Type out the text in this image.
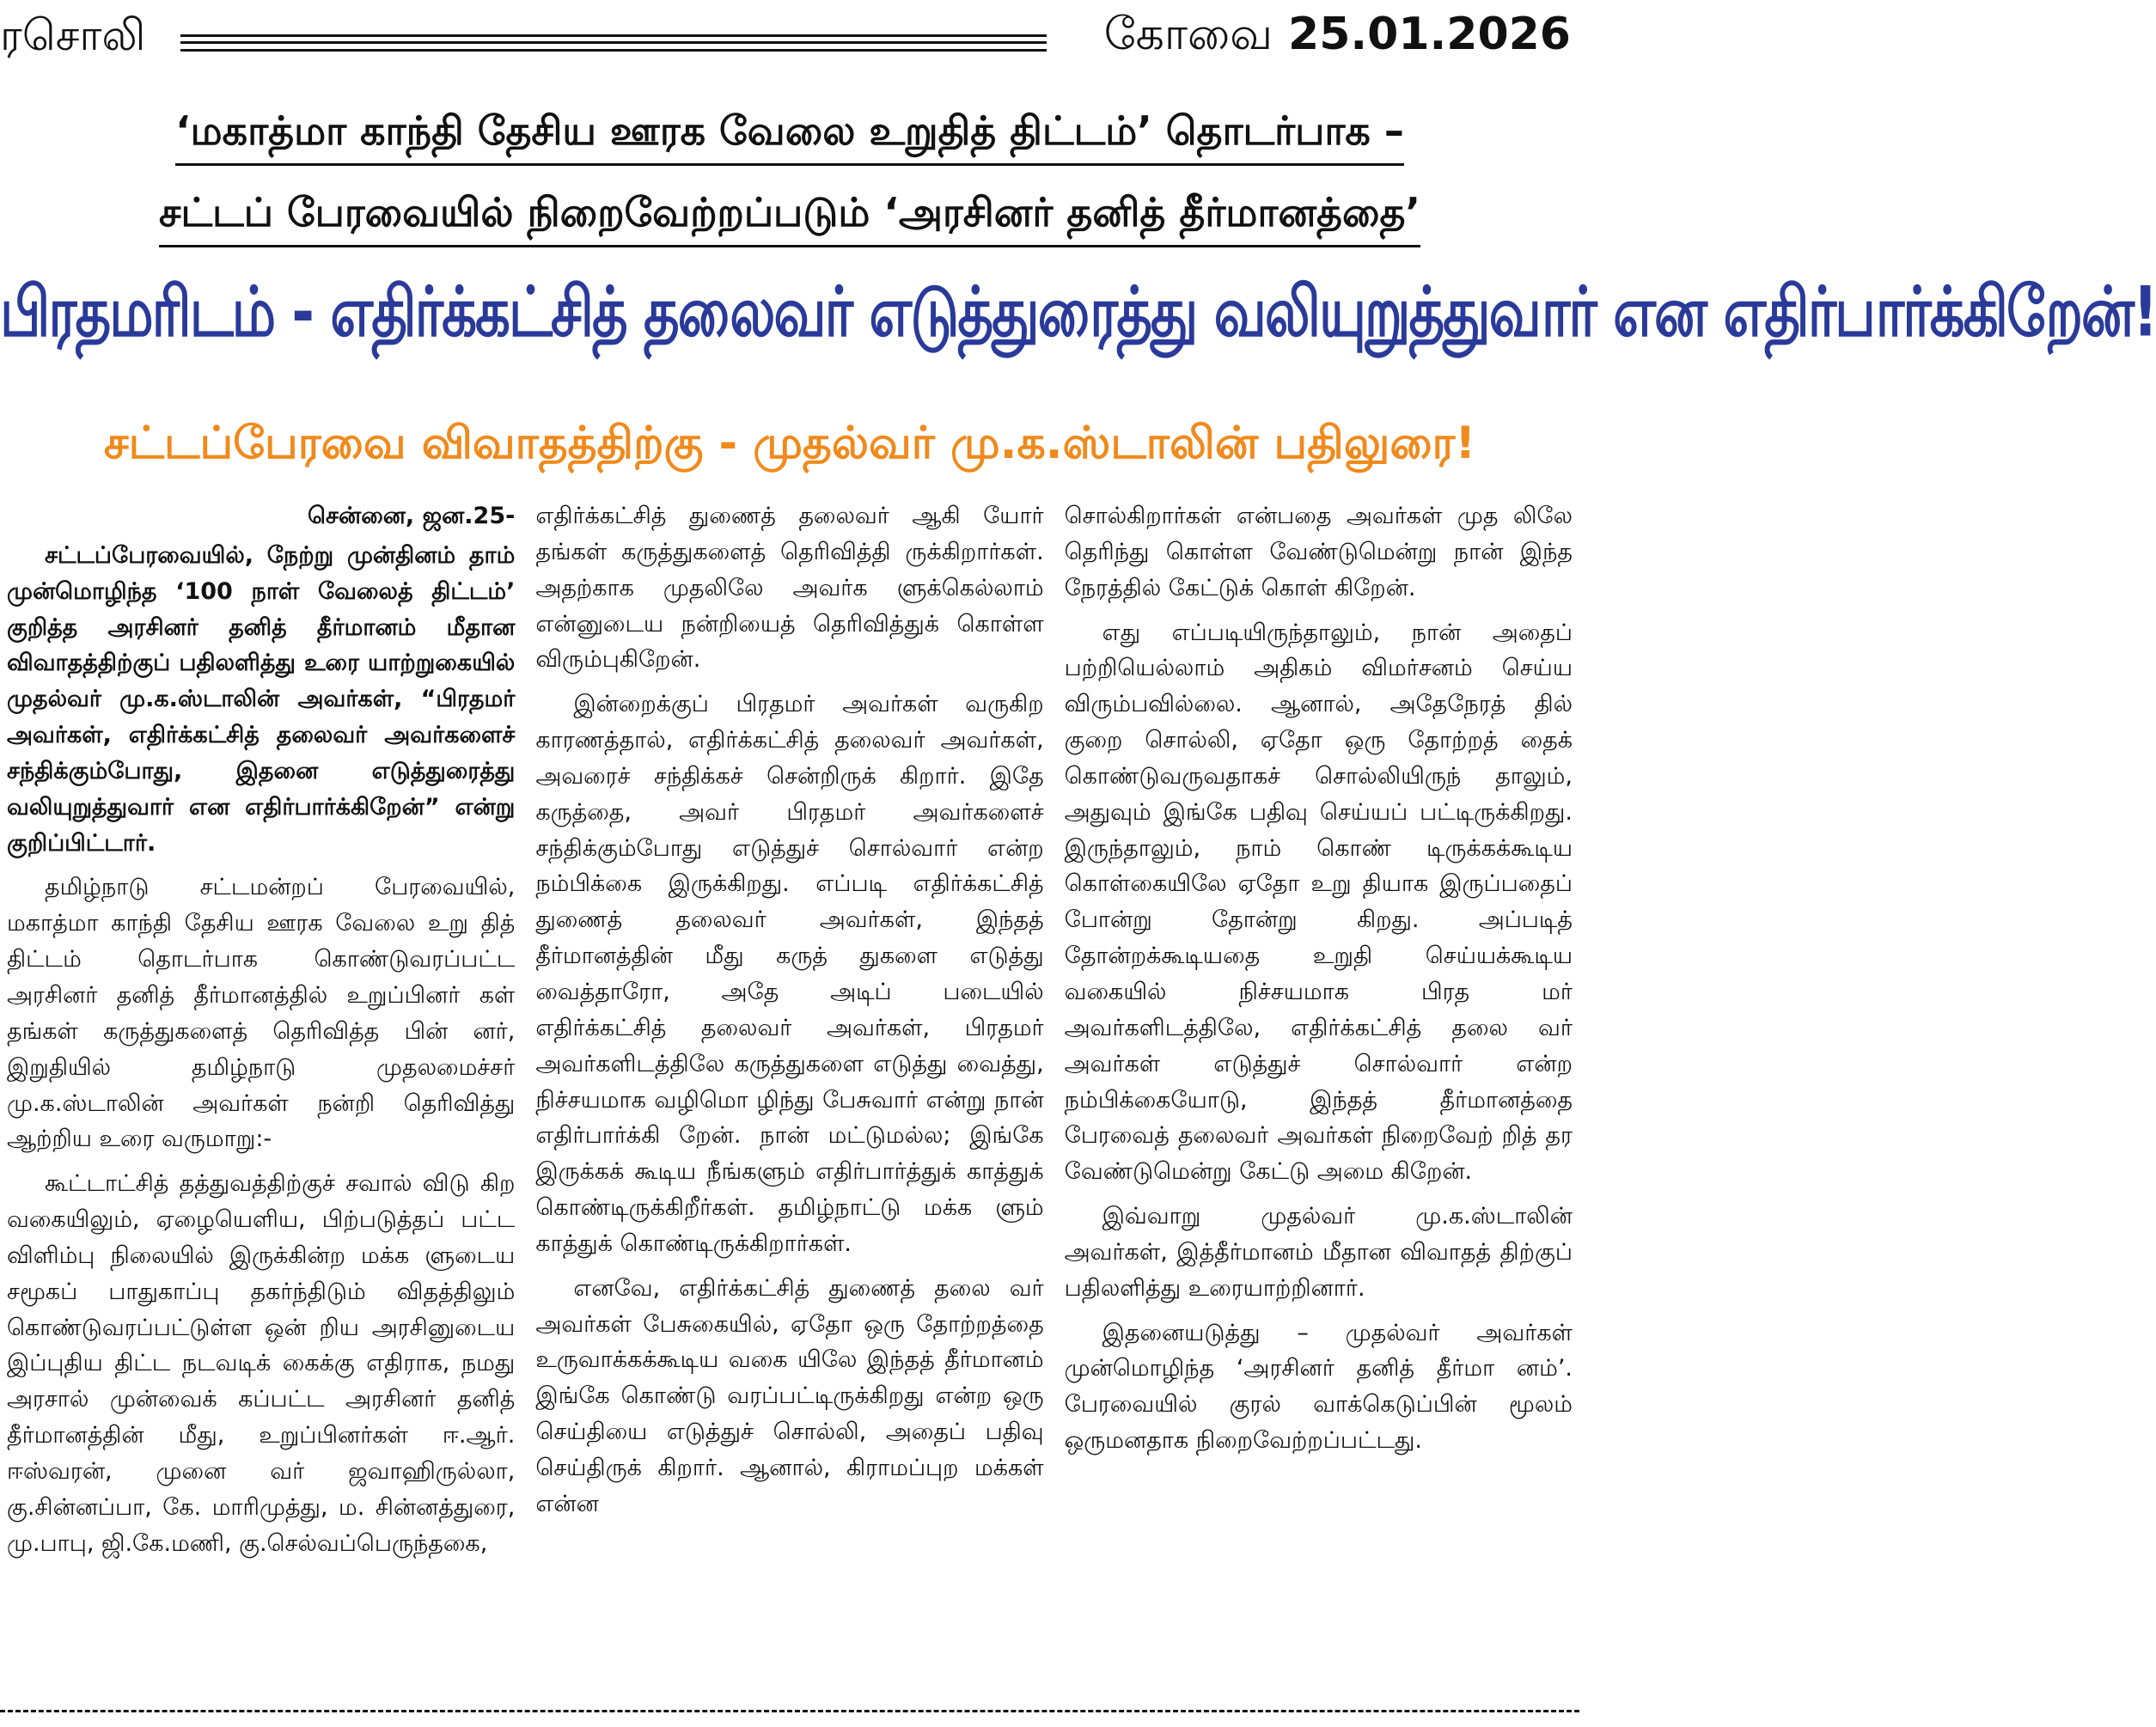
ரசொலி	கோவை 25.01.2026
‘மகாத்மா காந்தி தேசிய ஊரக வேலை உறுதித் திட்டம்’ தொடர்பாக –
சட்டப் பேரவையில் நிறைவேற்றப்படும் ‘அரசினர் தனித் தீர்மானத்தை’
பிரதமரிடம் - எதிர்க்கட்சித் தலைவர் எடுத்துரைத்து வலியுறுத்துவார் என எதிர்பார்க்கிறேன்!
சட்டப்பேரவை விவாதத்திற்கு - முதல்வர் மு.க.ஸ்டாலின் பதிலுரை!
சென்னை, ஜன.25-

சட்டப்பேரவையில், நேற்று முன்தினம் தாம் முன்மொழிந்த ‘100 நாள் வேலைத் திட்டம்’ குறித்த அரசினர் தனித் தீர்மானம் மீதான விவாதத்திற்குப் பதிலளித்து உரை யாற்றுகையில் முதல்வர் மு.க.ஸ்டாலின் அவர்கள், “பிரதமர் அவர்கள், எதிர்க்கட்சித் தலைவர் அவர்களைச் சந்திக்கும்போது, இதனை எடுத்துரைத்து வலியுறுத்துவார் என எதிர்பார்க்கிறேன்” என்று குறிப்பிட்டார்.

தமிழ்நாடு சட்டமன்றப் பேரவையில், மகாத்மா காந்தி தேசிய ஊரக வேலை உறு தித் திட்டம் தொடர்பாக கொண்டுவரப்பட்ட அரசினர் தனித் தீர்மானத்தில் உறுப்பினர் கள் தங்கள் கருத்துகளைத் தெரிவித்த பின் னர், இறுதியில் தமிழ்நாடு முதலமைச்சர் மு.க.ஸ்டாலின் அவர்கள் நன்றி தெரிவித்து ஆற்றிய உரை வருமாறு:-

கூட்டாட்சித் தத்துவத்திற்குச் சவால் விடு கிற வகையிலும், ஏழையெளிய, பிற்படுத்தப் பட்ட விளிம்பு நிலையில் இருக்கின்ற மக்க ளுடைய சமூகப் பாதுகாப்பு தகர்ந்திடும் விதத்திலும் கொண்டுவரப்பட்டுள்ள ஒன் றிய அரசினுடைய இப்புதிய திட்ட நடவடிக் கைக்கு எதிராக, நமது அரசால் முன்வைக் கப்பட்ட அரசினர் தனித் தீர்மானத்தின் மீது, உறுப்பினர்கள் ஈ.ஆர். ஈஸ்வரன், முனை வர் ஜவாஹிருல்லா, கு.சின்னப்பா, கே. மாரிமுத்து, ம. சின்னத்துரை, மு.பாபு, ஜி.கே.மணி, கு.செல்வப்பெருந்தகை,

எதிர்க்கட்சித் துணைத் தலைவர் ஆகி யோர் தங்கள் கருத்துகளைத் தெரிவித்தி ருக்கிறார்கள். அதற்காக முதலிலே அவர்க ளுக்கெல்லாம் என்னுடைய நன்றியைத் தெரிவித்துக் கொள்ள விரும்புகிறேன்.

இன்றைக்குப் பிரதமர் அவர்கள் வருகிற காரணத்தால், எதிர்க்கட்சித் தலைவர் அவர்கள், அவரைச் சந்திக்கச் சென்றிருக் கிறார். இதே கருத்தை, அவர் பிரதமர் அவர்களைச் சந்திக்கும்போது எடுத்துச் சொல்வார் என்ற நம்பிக்கை இருக்கிறது. எப்படி எதிர்க்கட்சித் துணைத் தலைவர் அவர்கள், இந்தத் தீர்மானத்தின் மீது கருத் துகளை எடுத்து வைத்தாரோ, அதே அடிப் படையில் எதிர்க்கட்சித் தலைவர் அவர்கள், பிரதமர் அவர்களிடத்திலே கருத்துகளை எடுத்து வைத்து, நிச்சயமாக வழிமொ ழிந்து பேசுவார் என்று நான் எதிர்பார்க்கி றேன். நான் மட்டுமல்ல; இங்கே இருக்கக் கூடிய நீங்களும் எதிர்பார்த்துக் காத்துக் கொண்டிருக்கிறீர்கள். தமிழ்நாட்டு மக்க ளும் காத்துக் கொண்டிருக்கிறார்கள்.

எனவே, எதிர்க்கட்சித் துணைத் தலை வர் அவர்கள் பேசுகையில், ஏதோ ஒரு தோற்றத்தை உருவாக்கக்கூடிய வகை யிலே இந்தத் தீர்மானம் இங்கே கொண்டு வரப்பட்டிருக்கிறது என்ற ஒரு செய்தியை எடுத்துச் சொல்லி, அதைப் பதிவு செய்திருக் கிறார். ஆனால், கிராமப்புற மக்கள் என்ன

சொல்கிறார்கள் என்பதை அவர்கள் முத லிலே தெரிந்து கொள்ள வேண்டுமென்று நான் இந்த நேரத்தில் கேட்டுக் கொள் கிறேன்.

எது எப்படியிருந்தாலும், நான் அதைப் பற்றியெல்லாம் அதிகம் விமர்சனம் செய்ய விரும்பவில்லை. ஆனால், அதேநேரத் தில் குறை சொல்லி, ஏதோ ஒரு தோற்றத் தைக் கொண்டுவருவதாகச் சொல்லியிருந் தாலும், அதுவும் இங்கே பதிவு செய்யப் பட்டிருக்கிறது. இருந்தாலும், நாம் கொண் டிருக்கக்கூடிய கொள்கையிலே ஏதோ உறு தியாக இருப்பதைப் போன்று தோன்று கிறது. அப்படித் தோன்றக்கூடியதை உறுதி செய்யக்கூடிய வகையில் நிச்சயமாக பிரத மர் அவர்களிடத்திலே, எதிர்க்கட்சித் தலை வர் அவர்கள் எடுத்துச் சொல்வார் என்ற நம்பிக்கையோடு, இந்தத் தீர்மானத்தை பேரவைத் தலைவர் அவர்கள் நிறைவேற் றித் தர வேண்டுமென்று கேட்டு அமை கிறேன்.

இவ்வாறு முதல்வர் மு.க.ஸ்டாலின் அவர்கள், இத்தீர்மானம் மீதான விவாதத் திற்குப் பதிலளித்து உரையாற்றினார்.

இதனையடுத்து – முதல்வர் அவர்கள் முன்மொழிந்த ‘அரசினர் தனித் தீர்மா னம்’. பேரவையில் குரல் வாக்கெடுப்பின் மூலம் ஒருமனதாக நிறைவேற்றப்பட்டது.
